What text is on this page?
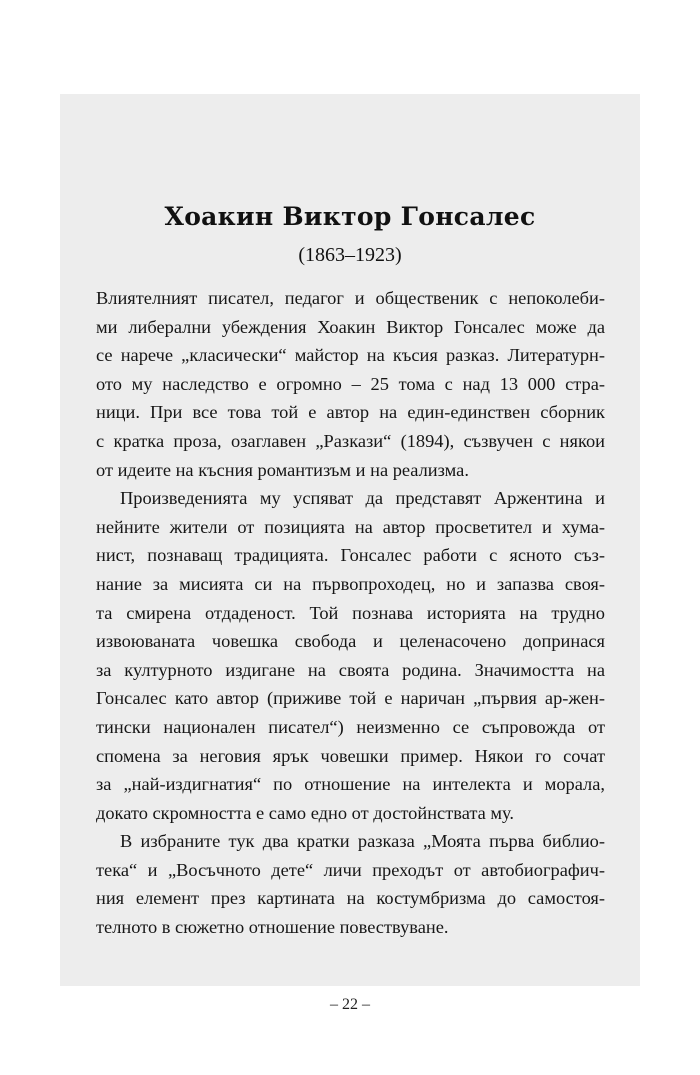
Хоакин Виктор Гонсалес
(1863–1923)

Влиятелният писател, педагог и общественик с непоколеби-
ми либерални убеждения Хоакин Виктор Гонсалес може да
се нарече „класически“ майстор на късия разказ. Литературн-
ото му наследство е огромно – 25 тома с над 13 000 стра-
ници. При все това той е автор на един-единствен сборник
с кратка проза, озаглавен „Разкази“ (1894), съзвучен с някои
от идеите на късния романтизъм и на реализма.

Произведенията му успяват да представят Аржентина и
нейните жители от позицията на автор просветител и хума-
нист, познаващ традицията. Гонсалес работи с ясното съз-
нание за мисията си на първопроходец, но и запазва своя-
та смирена отдаденост. Той познава историята на трудно
извоюваната човешка свобода и целенасочено допринася
за културното издигане на своята родина. Значимостта на
Гонсалес като автор (приживе той е наричан „първия ар-жен-
тински национален писател“) неизменно се съпровожда от
спомена за неговия ярък човешки пример. Някои го сочат
за „най-издигнатия“ по отношение на интелекта и морала,
докато скромността е само едно от достойнствата му.

В избраните тук два кратки разказа „Моята първа библио-
тека“ и „Восъчното дете“ личи преходът от автобиографич-
ния елемент през картината на костумбризма до самостоя-
телното в сюжетно отношение повествуване.

– 22 –
